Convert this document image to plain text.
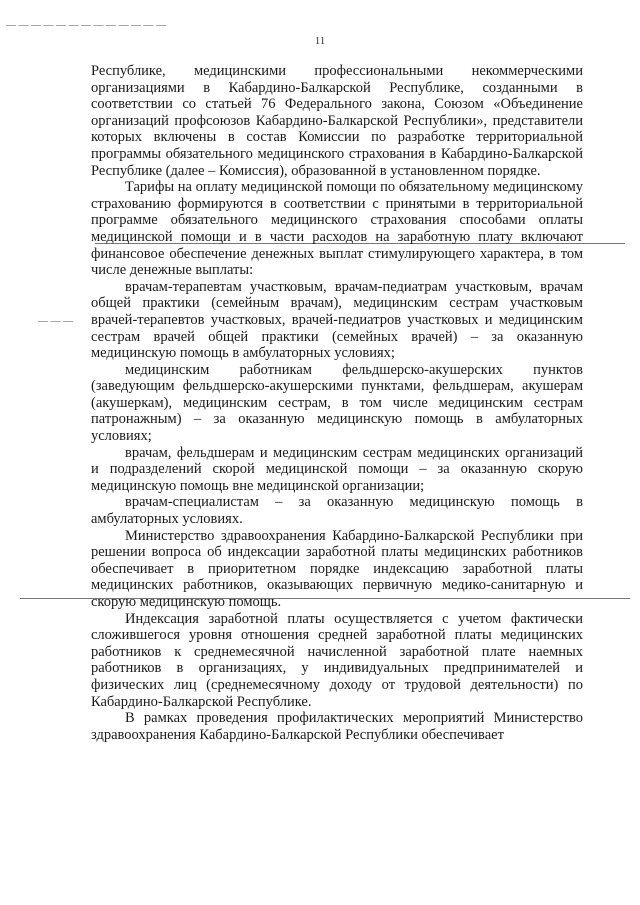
— — — — — — — — — — — — —
— — —
11

Республике, медицинскими профессиональными некоммерческими организациями в Кабардино-Балкарской Республике, созданными в соответствии со статьей 76 Федерального закона, Союзом «Объединение организаций профсоюзов Кабардино-Балкарской Республики», представители которых включены в состав Комиссии по разработке территориальной программы обязательного медицинского страхования в Кабардино-Балкарской Республике (далее – Комиссия), образованной в установленном порядке.

Тарифы на оплату медицинской помощи по обязательному медицинскому страхованию формируются в соответствии с принятыми в территориальной программе обязательного медицинского страхования способами оплаты медицинской помощи и в части расходов на заработную плату включают финансовое обеспечение денежных выплат стимулирующего характера, в том числе денежные выплаты:

врачам-терапевтам участковым, врачам-педиатрам участковым, врачам общей практики (семейным врачам), медицинским сестрам участковым врачей-терапевтов участковых, врачей-педиатров участковых и медицинским сестрам врачей общей практики (семейных врачей) – за оказанную медицинскую помощь в амбулаторных условиях;

медицинским работникам фельдшерско-акушерских пунктов (заведующим фельдшерско-акушерскими пунктами, фельдшерам, акушерам (акушеркам), медицинским сестрам, в том числе медицинским сестрам патронажным) – за оказанную медицинскую помощь в амбулаторных условиях;

врачам, фельдшерам и медицинским сестрам медицинских организаций и подразделений скорой медицинской помощи – за оказанную скорую медицинскую помощь вне медицинской организации;

врачам-специалистам – за оказанную медицинскую помощь в амбулаторных условиях.

Министерство здравоохранения Кабардино-Балкарской Республики при решении вопроса об индексации заработной платы медицинских работников обеспечивает в приоритетном порядке индексацию заработной платы медицинских работников, оказывающих первичную медико-санитарную и скорую медицинскую помощь.

Индексация заработной платы осуществляется с учетом фактически сложившегося уровня отношения средней заработной платы медицинских работников к среднемесячной начисленной заработной плате наемных работников в организациях, у индивидуальных предпринимателей и физических лиц (среднемесячному доходу от трудовой деятельности) по Кабардино-Балкарской Республике.

В рамках проведения профилактических мероприятий Министерство здравоохранения Кабардино-Балкарской Республики обеспечивает
